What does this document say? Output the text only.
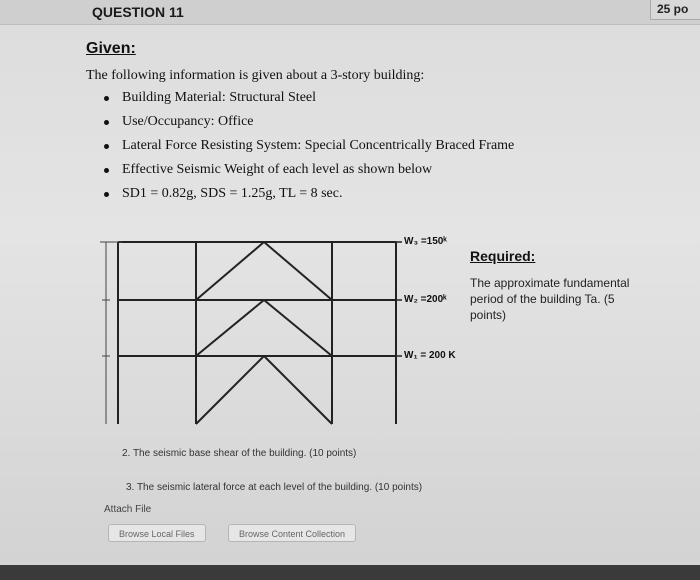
QUESTION 11	25 po
Given:
The following information is given about a 3-story building:
Building Material: Structural Steel
Use/Occupancy: Office
Lateral Force Resisting System: Special Concentrically Braced Frame
Effective Seismic Weight of each level as shown below
SD1 = 0.82g, SDS = 1.25g, TL = 8 sec.
W₃ =150ᵏ
W₂ =200ᵏ
W₁ = 200 K
Required:
The approximate fundamental period of the building Ta. (5 points)
2. The seismic base shear of the building. (10 points)
3. The seismic lateral force at each level of the building. (10 points)
Attach File
Browse Local Files	Browse Content Collection
